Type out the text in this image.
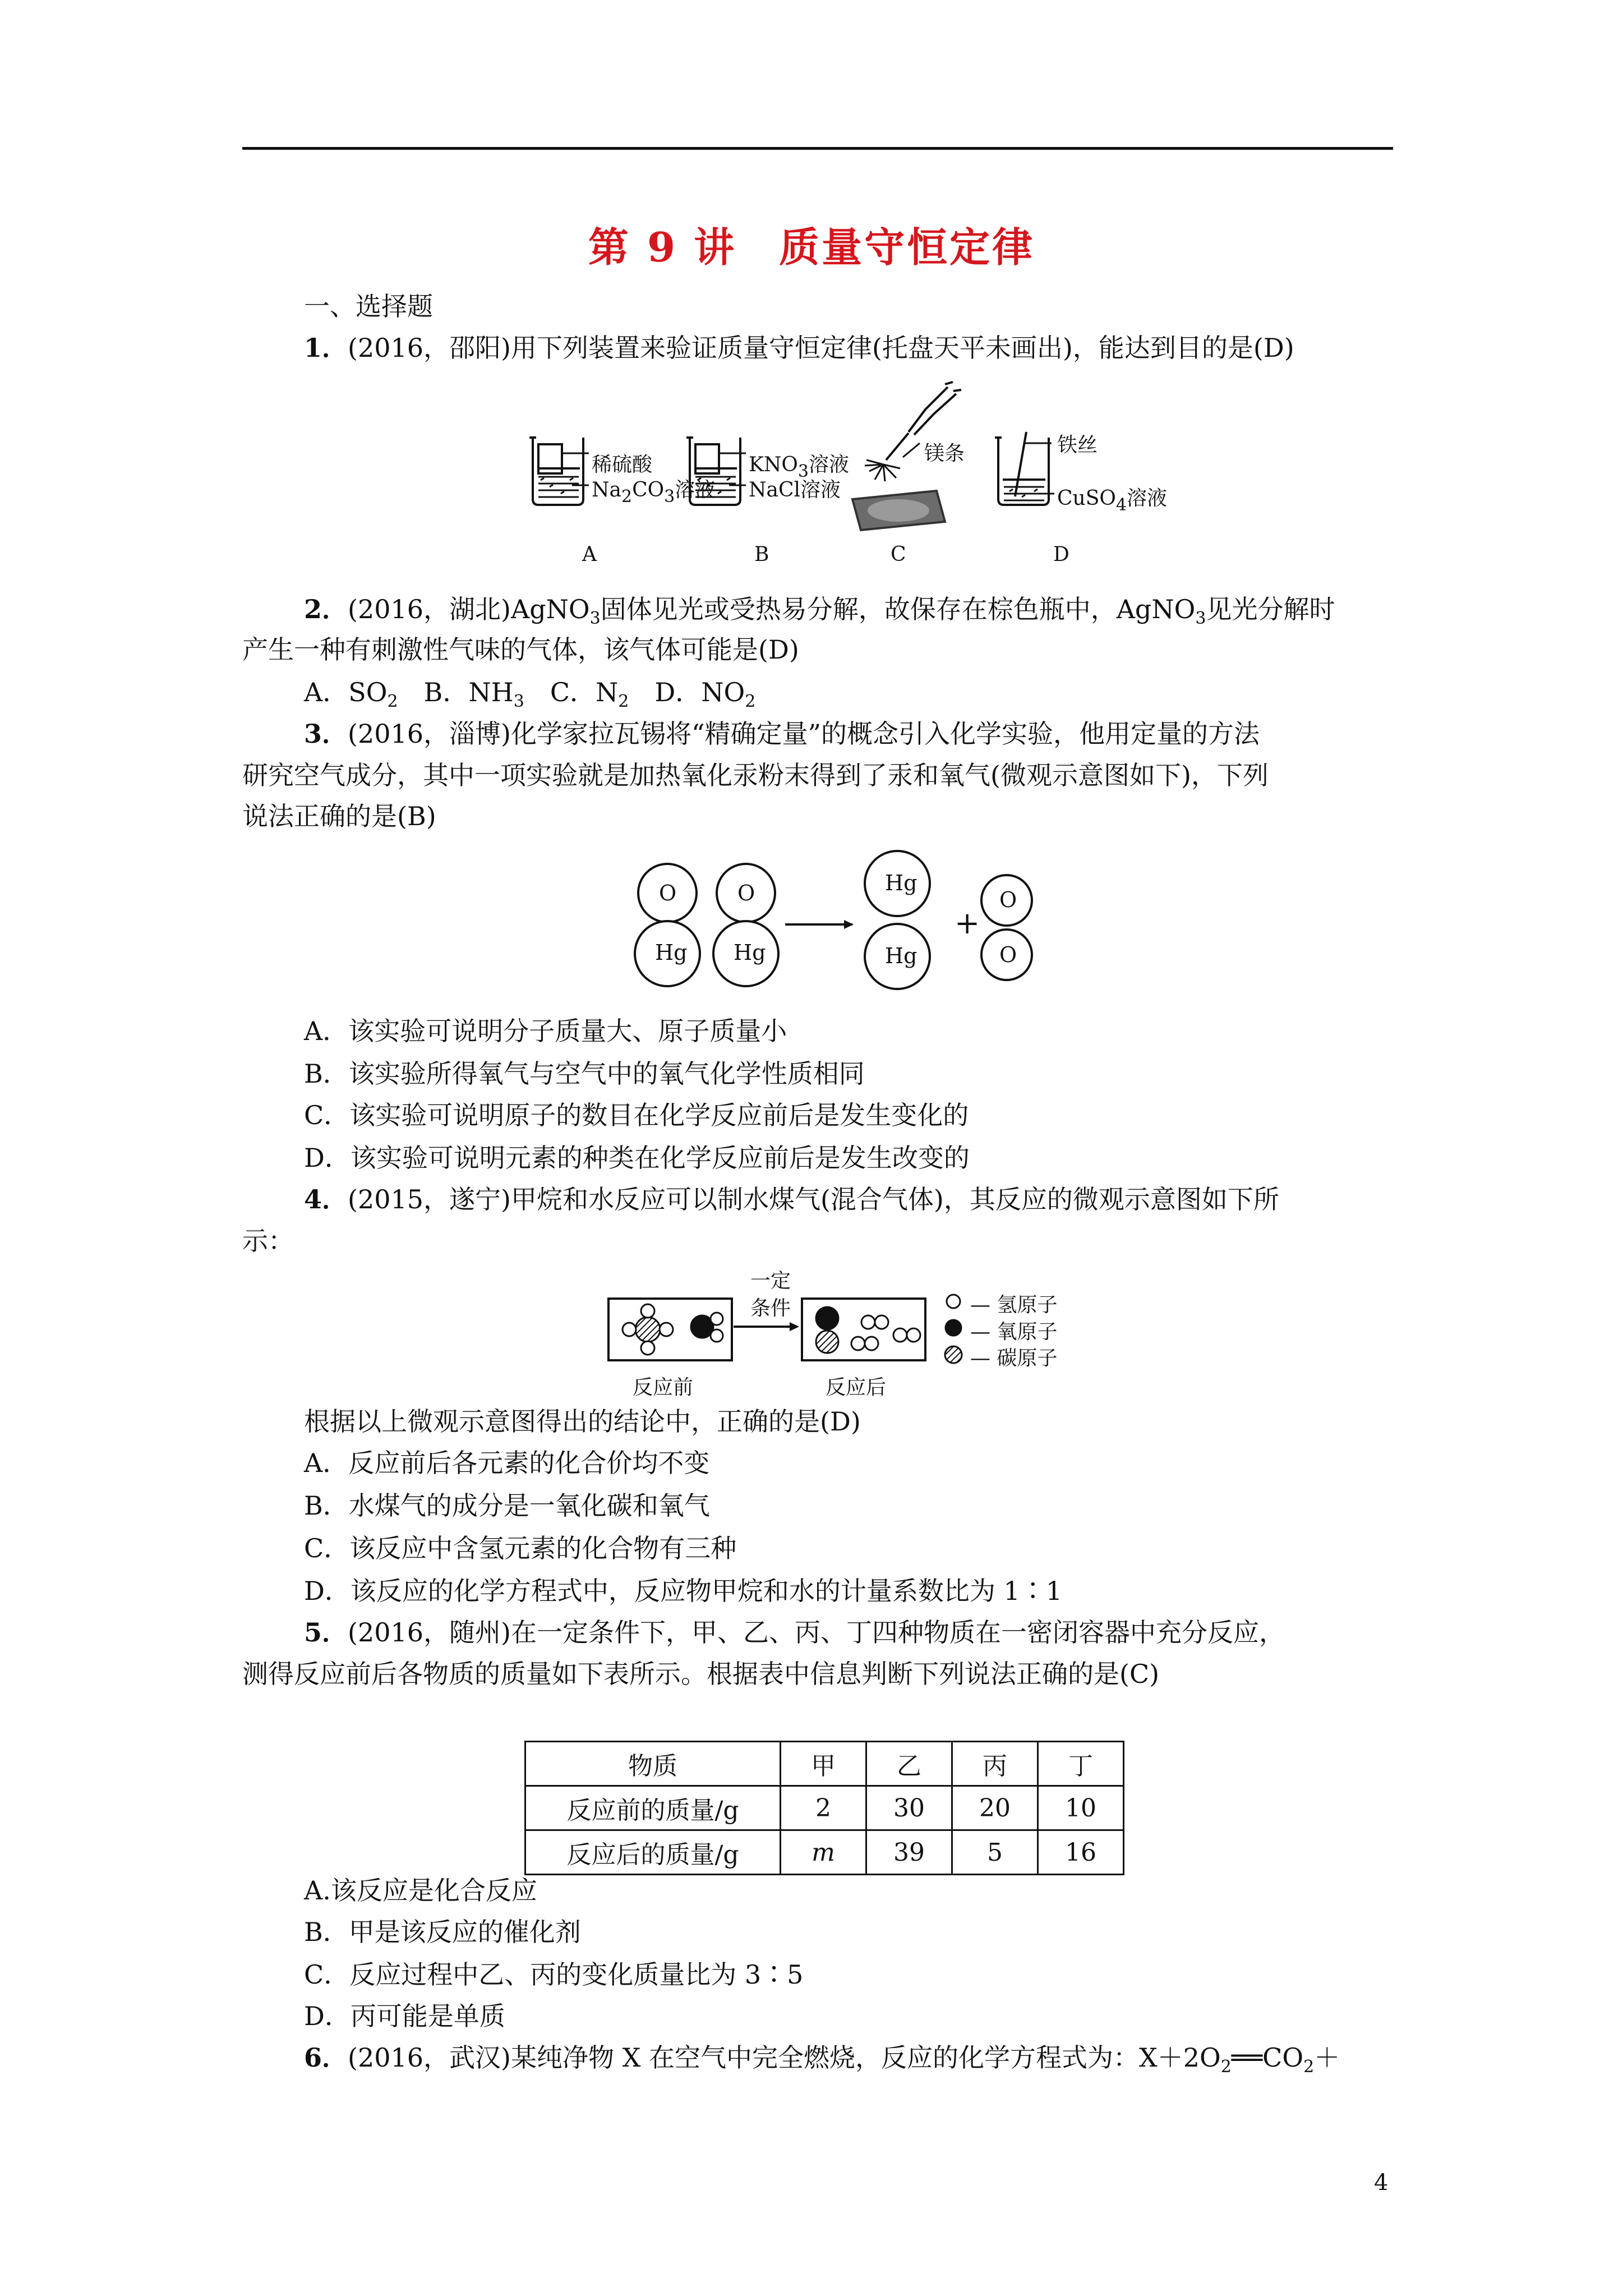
第 9 讲　质量守恒定律
一、选择题
1．(2016，邵阳)用下列装置来验证质量守恒定律(托盘天平未画出)，能达到目的是(D)
稀硫酸
$Na_2CO_3$溶液
$KNO_3$溶液
NaCl溶液
镁条	铁丝
CuSO$_4$溶液
A	B	C	D
2．(2016，湖北)AgNO$_3$固体见光或受热易分解，故保存在棕色瓶中，AgNO$_3$见光分解时
产生一种有刺激性气味的气体，该气体可能是(D)
A．$SO_2$　 B．$NH_3$　 C．$N_2$　 D．$NO_2$
3．(2016，淄博)化学家拉瓦锡将“精确定量”的概念引入化学实验，他用定量的方法
研究空气成分，其中一项实验就是加热氧化汞粉末得到了汞和氧气(微观示意图如下)，下列
说法正确的是(B)
O
Hg
O
Hg
Hg
Hg
+
O
O
A．该实验可说明分子质量大、原子质量小
B．该实验所得氧气与空气中的氧气化学性质相同
C．该实验可说明原子的数目在化学反应前后是发生变化的
D．该实验可说明元素的种类在化学反应前后是发生改变的
4．(2015，遂宁)甲烷和水反应可以制水煤气(混合气体)，其反应的微观示意图如下所
示：
一定
条件	— 氢原子
— 氧原子
— 碳原子
反应前	反应后
根据以上微观示意图得出的结论中，正确的是(D)
A．反应前后各元素的化合价均不变
B．水煤气的成分是一氧化碳和氧气
C．该反应中含氢元素的化合物有三种
D．该反应的化学方程式中，反应物甲烷和水的计量系数比为 1∶1
5．(2016，随州)在一定条件下，甲、乙、丙、丁四种物质在一密闭容器中充分反应，
测得反应前后各物质的质量如下表所示。根据表中信息判断下列说法正确的是(C)
物质	甲	乙	丙	丁
反应前的质量/g	2	30	20	10
反应后的质量/g	m	39	5	16
A.该反应是化合反应
B．甲是该反应的催化剂
C．反应过程中乙、丙的变化质量比为 3∶5
D．丙可能是单质
6．(2016，武汉)某纯净物 X 在空气中完全燃烧，反应的化学方程式为：$X+2O_2══CO_2+$
4
